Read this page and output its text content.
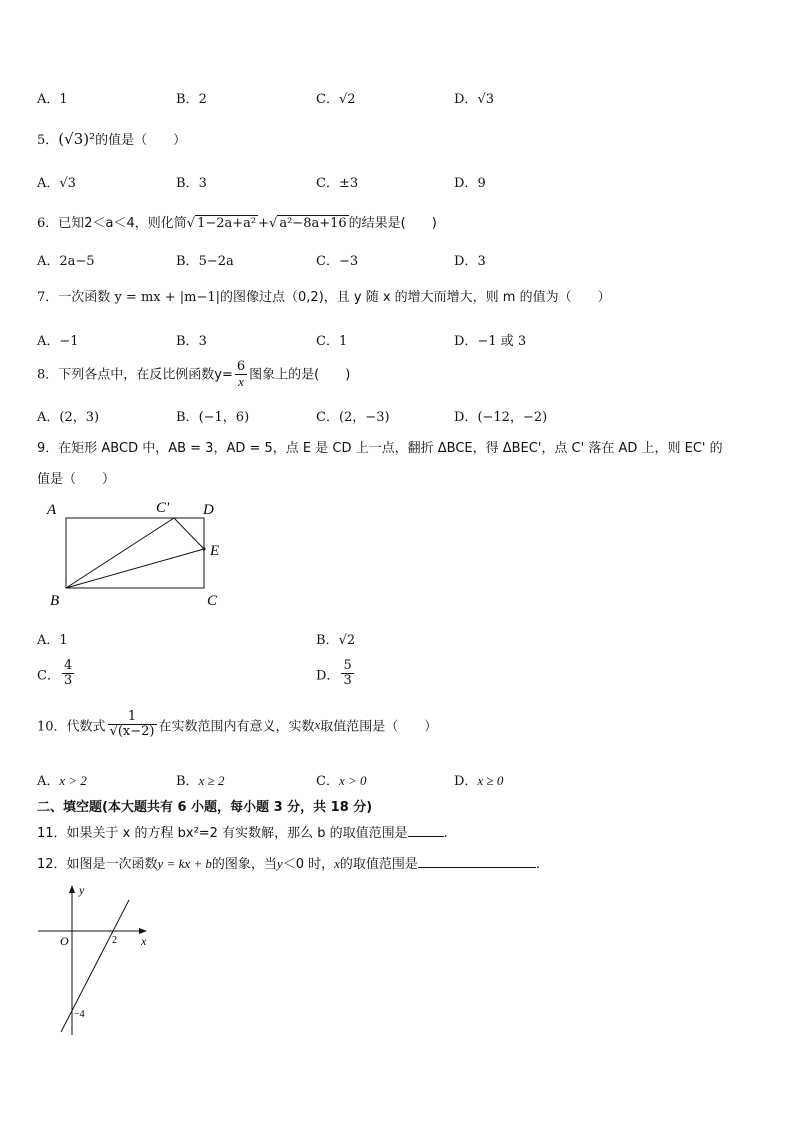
A．1	B．2	C．√2	D．√3
5．(√3)²的值是（　　）
A．√3	B．3	C．±3	D．9
6．已知2＜a＜4，则化简√ 1−2a+a² +√ a²−8a+16 的结果是(　　)
A．2a−5	B．5−2a	C．−3	D．3
7．一次函数 y = mx + |m−1|的图像过点（0,2)，且 y 随 x 的增大而增大，则 m 的值为（　　）
A．−1	B．3	C．1	D．−1 或 3
8．下列各点中，在反比例函数$y= \frac{6}{x}$ 图象上的是(　　)
A．(2，3)	B．(−1，6)	C．(2，−3)	D．(−12，−2)
9．在矩形 ABCD 中，AB = 3，AD = 5，点 E 是 CD 上一点，翻折 ΔBCE，得 ΔBEC'，点 C' 落在 AD 上，则 EC' 的
值是（　　）
A
B	C
D
E
C'
A．1	B．√2
C． $\frac{4}{3}$	D． $\frac{5}{3}$
10．代数式 $\frac{1}{√(x-2)}$ 在实数范围内有意义，实数x取值范围是（　　）
A．x > 2	B．x ≥ 2	C．x > 0	D．x ≥ 0
二、填空题(本大题共有 6 小题，每小题 3 分，共 18 分)
11．如果关于 x 的方程 bx²=2 有实数解，那么 b 的取值范围是	.
12．如图是一次函数y = kx + b的图象，当y＜0 时，x的取值范围是	.
y
x
O	2
−4
